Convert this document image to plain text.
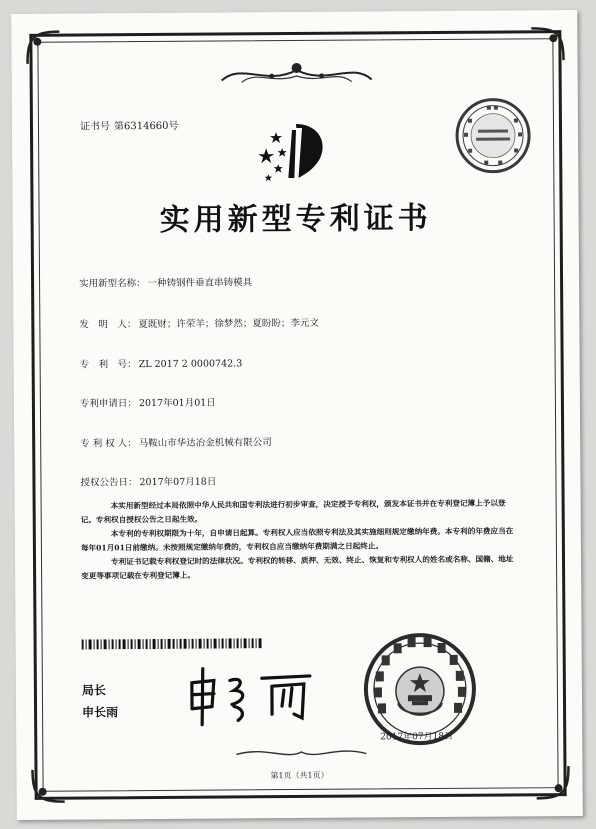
证书号 第6314660号
实用新型专利证书
实用新型名称： 一种铸钢件垂直串铸模具
发　明　人： 夏既财；许荣羊；徐梦然；夏盼盼；李元文
专　利　号： ZL 2017 2 0000742.3
专利申请日： 2017年01月01日
专 利 权 人： 马鞍山市华达冶金机械有限公司
授权公告日： 2017年07月18日

本实用新型经过本局依照中华人民共和国专利法进行初步审查，决定授予专利权，颁发本证书并在专利登记簿上予以登记。专利权自授权公告之日起生效。

本专利的专利权期限为十年，自申请日起算。专利权人应当依照专利法及其实施细则规定缴纳年费。本专利的年费应当在每年01月01日前缴纳。未按照规定缴纳年费的，专利权自应当缴纳年费期满之日起终止。

专利证书记载专利权登记时的法律状况。专利权的转移、质押、无效、终止、恢复和专利权人的姓名或名称、国籍、地址变更等事项记载在专利登记簿上。

局长
申长雨
2017年07月18日
第1页（共1页）
